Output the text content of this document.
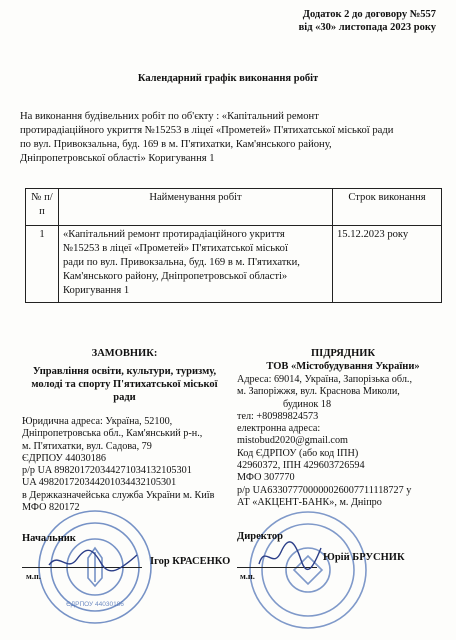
Додаток 2 до договору №557
від «30» листопада 2023 року
Календарний графік виконання робіт
На виконання будівельних робіт по об'єкту : «Капітальний ремонт
протирадіаційного укриття №15253 в ліцеї «Прометей» П'ятихатської міської ради
по вул. Привокзальна, буд. 169 в м. П'ятихатки, Кам'янського району,
Дніпропетровської області» Коригування 1
№ п/п	Найменування робіт	Строк виконання
1	«Капітальний ремонт протирадіаційного укриття
№15253 в ліцеї «Прометей» П'ятихатської міської
ради по вул. Привокзальна, буд. 169 в м. П'ятихатки,
Кам'янського району, Дніпропетровської області»
Коригування 1	15.12.2023 року
ЗАМОВНИК:
Управління освіти, культури, туризму,
молоді та спорту П'ятихатської міської
ради
Юридична адреса: Україна, 52100,
Дніпропетровська обл., Кам'янський р-н.,
м. П'ятихатки, вул. Садова, 79
ЄДРПОУ 44030186
р/р UA 898201720344271034132105301
UA 498201720344201034432105301
в Держказначейська служба України м. Київ
МФО 820172
ПІДРЯДНИК
ТОВ «Містобудування України»
Адреса: 69014, Україна, Запорізька обл.,
м. Запоріжжя, вул. Краснова Миколи,
будинок 18
тел: +80989824573
електронна адреса:
mistobud2020@gmail.com
Код ЄДРПОУ (або код ІПН)
42960372, ІПН 429603726594
МФО 307770
р/р UA633077700000026007711118727 у
АТ «АКЦЕНТ-БАНК», м. Дніпро
ЄДРПОУ 44030186
Начальник
Ігор КРАСЕНКО
м.п.
Директор
Юрій БРУСНИК
м.п.
